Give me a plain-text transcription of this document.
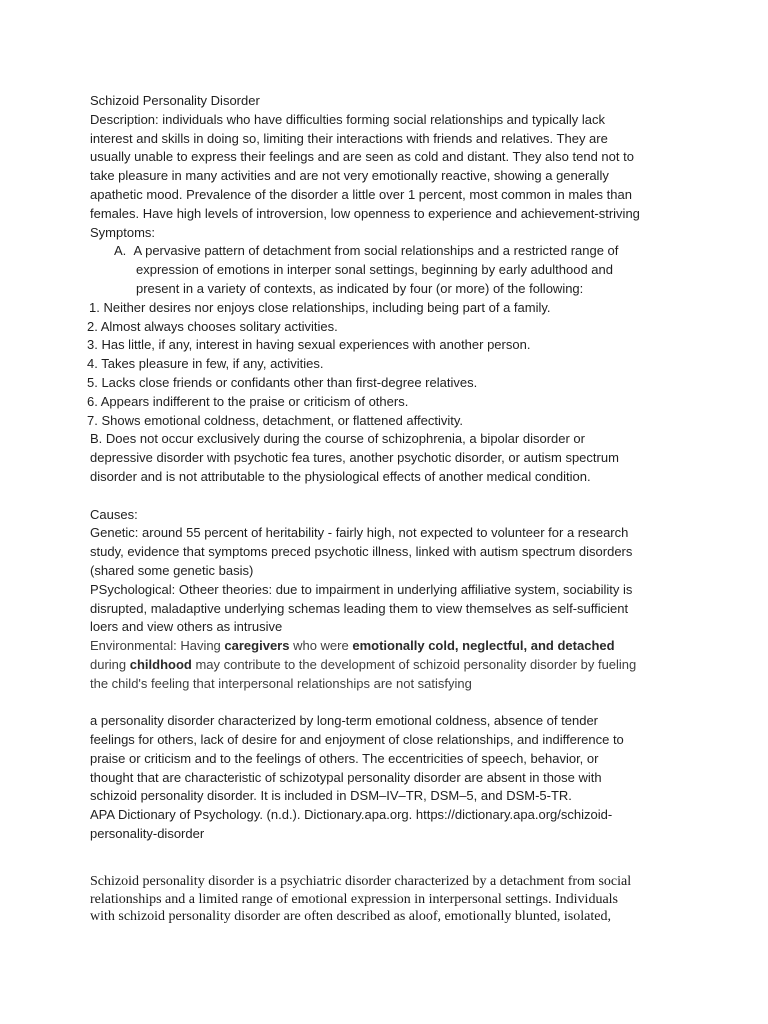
Schizoid Personality Disorder
Description: individuals who have difficulties forming social relationships and typically lack
interest and skills in doing so, limiting their interactions with friends and relatives. They are
usually unable to express their feelings and are seen as cold and distant. They also tend not to
take pleasure in many activities and are not very emotionally reactive, showing a generally
apathetic mood. Prevalence of the disorder a little over 1 percent, most common in males than
females. Have high levels of introversion, low openness to experience and achievement-striving
Symptoms:
A. A pervasive pattern of detachment from social relationships and a restricted range of
expression of emotions in interper sonal settings, beginning by early adulthood and
present in a variety of contexts, as indicated by four (or more) of the following:
1. Neither desires nor enjoys close relationships, including being part of a family.
2. Almost always chooses solitary activities.
3. Has little, if any, interest in having sexual experiences with another person.
4. Takes pleasure in few, if any, activities.
5. Lacks close friends or confidants other than first-degree relatives.
6. Appears indifferent to the praise or criticism of others.
7. Shows emotional coldness, detachment, or flattened affectivity.
B. Does not occur exclusively during the course of schizophrenia, a bipolar disorder or
depressive disorder with psychotic fea tures, another psychotic disorder, or autism spectrum
disorder and is not attributable to the physiological effects of another medical condition.
Causes:
Genetic: around 55 percent of heritability - fairly high, not expected to volunteer for a research
study, evidence that symptoms preced psychotic illness, linked with autism spectrum disorders
(shared some genetic basis)
PSychological: Otheer theories: due to impairment in underlying affiliative system, sociability is
disrupted, maladaptive underlying schemas leading them to view themselves as self-sufficient
loers and view others as intrusive
Environmental: Having caregivers who were emotionally cold, neglectful, and detached
during childhood may contribute to the development of schizoid personality disorder by fueling
the child's feeling that interpersonal relationships are not satisfying
a personality disorder characterized by long-term emotional coldness, absence of tender
feelings for others, lack of desire for and enjoyment of close relationships, and indifference to
praise or criticism and to the feelings of others. The eccentricities of speech, behavior, or
thought that are characteristic of schizotypal personality disorder are absent in those with
schizoid personality disorder. It is included in DSM–IV–TR, DSM–5, and DSM-5-TR.
APA Dictionary of Psychology. (n.d.). Dictionary.apa.org. https://dictionary.apa.org/schizoid-
personality-disorder
Schizoid personality disorder is a psychiatric disorder characterized by a detachment from social
relationships and a limited range of emotional expression in interpersonal settings. Individuals
with schizoid personality disorder are often described as aloof, emotionally blunted, isolated,
